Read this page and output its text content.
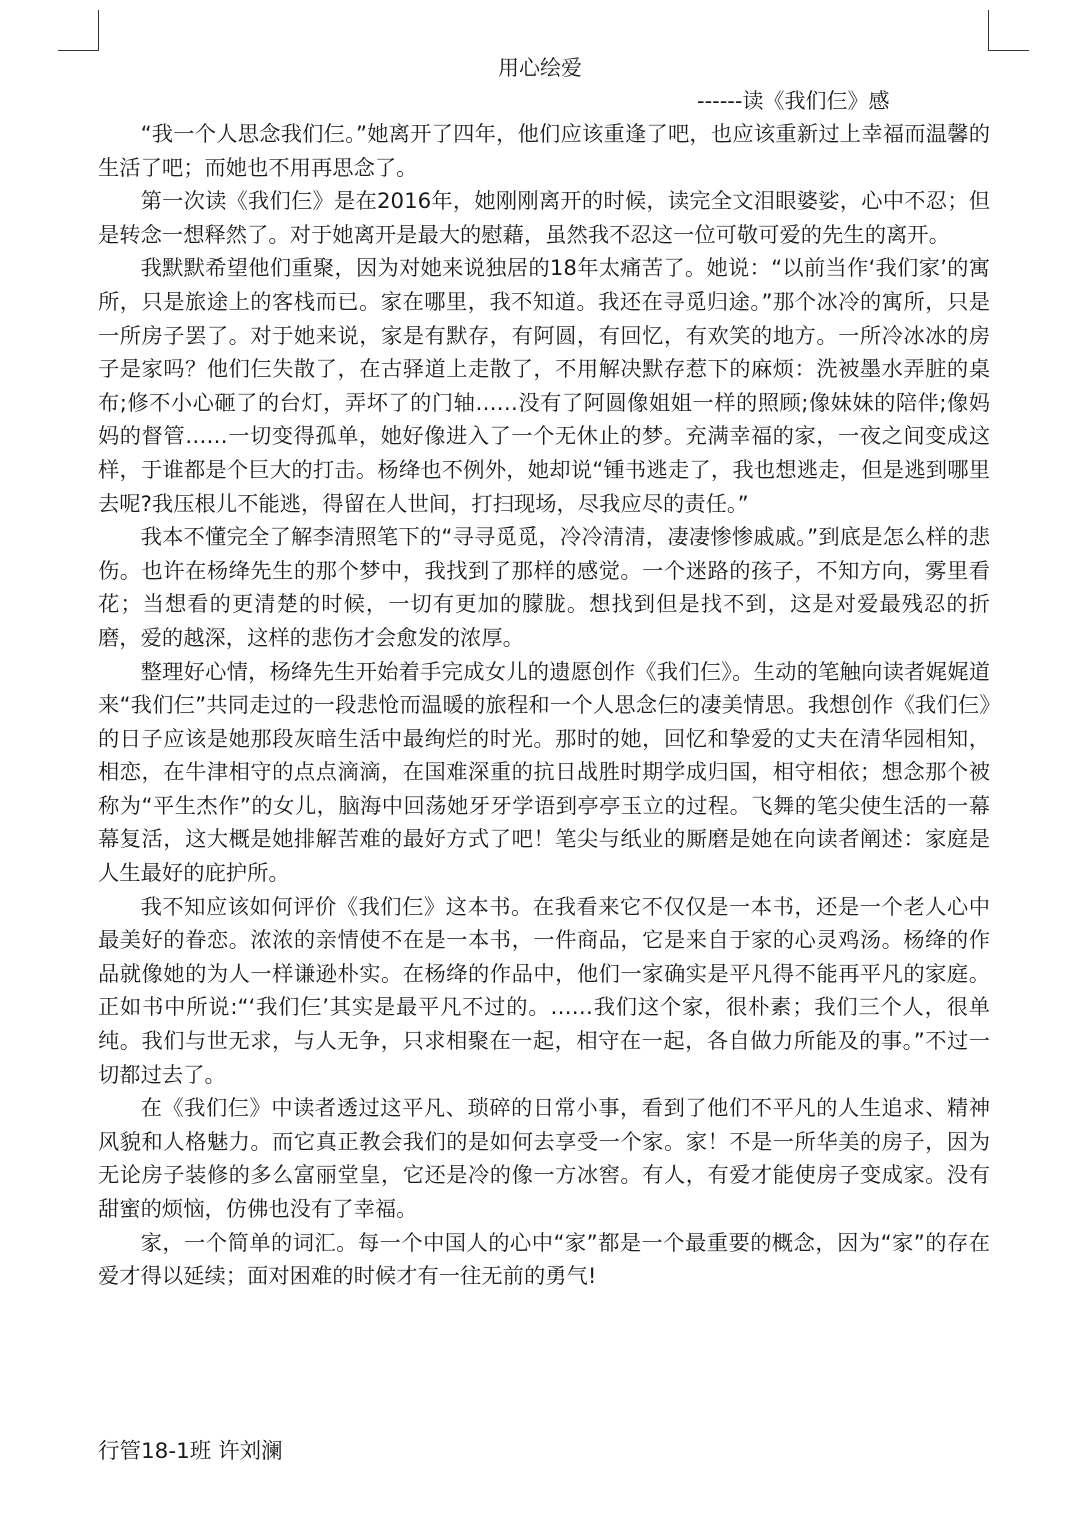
用心绘爱
------读《我们仨》感

“我一个人思念我们仨。”她离开了四年，他们应该重逢了吧，也应该重新过上幸福而温馨的生活了吧；而她也不用再思念了。

第一次读《我们仨》是在2016年，她刚刚离开的时候，读完全文泪眼婆娑，心中不忍；但是转念一想释然了。对于她离开是最大的慰藉，虽然我不忍这一位可敬可爱的先生的离开。

我默默希望他们重聚，因为对她来说独居的18年太痛苦了。她说：“以前当作‘我们家’的寓所，只是旅途上的客栈而已。家在哪里，我不知道。我还在寻觅归途。”那个冰冷的寓所，只是一所房子罢了。对于她来说，家是有默存，有阿圆，有回忆，有欢笑的地方。一所冷冰冰的房子是家吗？他们仨失散了，在古驿道上走散了，不用解决默存惹下的麻烦：洗被墨水弄脏的桌布;修不小心砸了的台灯，弄坏了的门轴……没有了阿圆像姐姐一样的照顾;像妹妹的陪伴;像妈妈的督管……一切变得孤单，她好像进入了一个无休止的梦。充满幸福的家，一夜之间变成这样，于谁都是个巨大的打击。杨绛也不例外，她却说“锺书逃走了，我也想逃走，但是逃到哪里去呢?我压根儿不能逃，得留在人世间，打扫现场，尽我应尽的责任。”

我本不懂完全了解李清照笔下的“寻寻觅觅，冷冷清清，凄凄惨惨戚戚。”到底是怎么样的悲伤。也许在杨绛先生的那个梦中，我找到了那样的感觉。一个迷路的孩子，不知方向，雾里看花；当想看的更清楚的时候，一切有更加的朦胧。想找到但是找不到，这是对爱最残忍的折磨，爱的越深，这样的悲伤才会愈发的浓厚。

整理好心情，杨绛先生开始着手完成女儿的遗愿创作《我们仨》。生动的笔触向读者娓娓道来“我们仨”共同走过的一段悲怆而温暖的旅程和一个人思念仨的凄美情思。我想创作《我们仨》的日子应该是她那段灰暗生活中最绚烂的时光。那时的她，回忆和挚爱的丈夫在清华园相知，相恋，在牛津相守的点点滴滴，在国难深重的抗日战胜时期学成归国，相守相依；想念那个被称为“平生杰作”的女儿，脑海中回荡她牙牙学语到亭亭玉立的过程。飞舞的笔尖使生活的一幕幕复活，这大概是她排解苦难的最好方式了吧！笔尖与纸业的厮磨是她在向读者阐述：家庭是人生最好的庇护所。

我不知应该如何评价《我们仨》这本书。在我看来它不仅仅是一本书，还是一个老人心中最美好的眷恋。浓浓的亲情使不在是一本书，一件商品，它是来自于家的心灵鸡汤。杨绛的作品就像她的为人一样谦逊朴实。在杨绛的作品中，他们一家确实是平凡得不能再平凡的家庭。正如书中所说:“‘我们仨’其实是最平凡不过的。……我们这个家，很朴素；我们三个人，很单纯。我们与世无求，与人无争，只求相聚在一起，相守在一起，各自做力所能及的事。”不过一切都过去了。

在《我们仨》中读者透过这平凡、琐碎的日常小事，看到了他们不平凡的人生追求、精神风貌和人格魅力。而它真正教会我们的是如何去享受一个家。家！不是一所华美的房子，因为无论房子装修的多么富丽堂皇，它还是冷的像一方冰窖。有人，有爱才能使房子变成家。没有甜蜜的烦恼，仿佛也没有了幸福。

家，一个简单的词汇。每一个中国人的心中“家”都是一个最重要的概念，因为“家”的存在爱才得以延续；面对困难的时候才有一往无前的勇气!

行管18-1班 许刘澜
